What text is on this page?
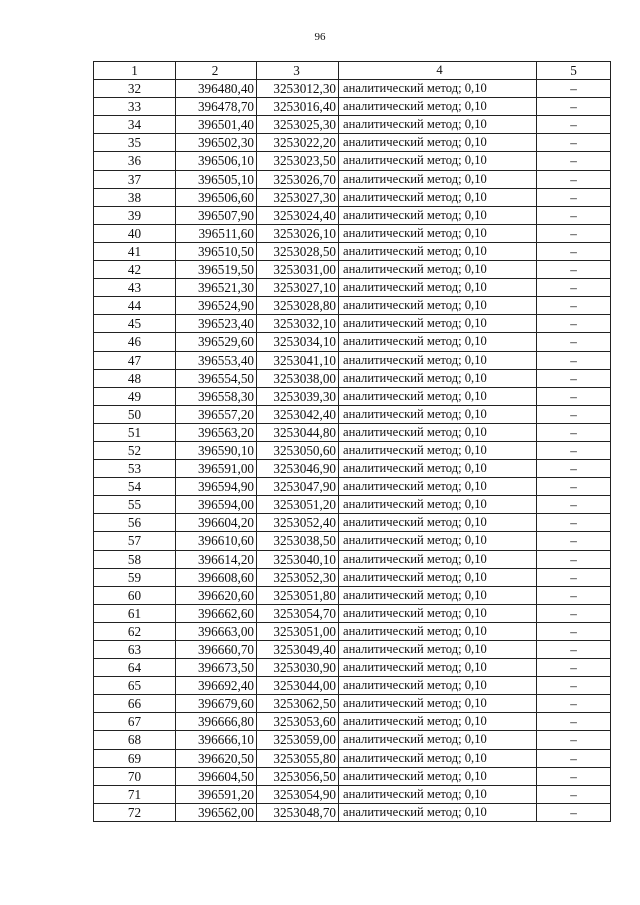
96
1	2	3	4	5
32	396480,40	3253012,30	аналитический метод; 0,10	–
33	396478,70	3253016,40	аналитический метод; 0,10	–
34	396501,40	3253025,30	аналитический метод; 0,10	–
35	396502,30	3253022,20	аналитический метод; 0,10	–
36	396506,10	3253023,50	аналитический метод; 0,10	–
37	396505,10	3253026,70	аналитический метод; 0,10	–
38	396506,60	3253027,30	аналитический метод; 0,10	–
39	396507,90	3253024,40	аналитический метод; 0,10	–
40	396511,60	3253026,10	аналитический метод; 0,10	–
41	396510,50	3253028,50	аналитический метод; 0,10	–
42	396519,50	3253031,00	аналитический метод; 0,10	–
43	396521,30	3253027,10	аналитический метод; 0,10	–
44	396524,90	3253028,80	аналитический метод; 0,10	–
45	396523,40	3253032,10	аналитический метод; 0,10	–
46	396529,60	3253034,10	аналитический метод; 0,10	–
47	396553,40	3253041,10	аналитический метод; 0,10	–
48	396554,50	3253038,00	аналитический метод; 0,10	–
49	396558,30	3253039,30	аналитический метод; 0,10	–
50	396557,20	3253042,40	аналитический метод; 0,10	–
51	396563,20	3253044,80	аналитический метод; 0,10	–
52	396590,10	3253050,60	аналитический метод; 0,10	–
53	396591,00	3253046,90	аналитический метод; 0,10	–
54	396594,90	3253047,90	аналитический метод; 0,10	–
55	396594,00	3253051,20	аналитический метод; 0,10	–
56	396604,20	3253052,40	аналитический метод; 0,10	–
57	396610,60	3253038,50	аналитический метод; 0,10	–
58	396614,20	3253040,10	аналитический метод; 0,10	–
59	396608,60	3253052,30	аналитический метод; 0,10	–
60	396620,60	3253051,80	аналитический метод; 0,10	–
61	396662,60	3253054,70	аналитический метод; 0,10	–
62	396663,00	3253051,00	аналитический метод; 0,10	–
63	396660,70	3253049,40	аналитический метод; 0,10	–
64	396673,50	3253030,90	аналитический метод; 0,10	–
65	396692,40	3253044,00	аналитический метод; 0,10	–
66	396679,60	3253062,50	аналитический метод; 0,10	–
67	396666,80	3253053,60	аналитический метод; 0,10	–
68	396666,10	3253059,00	аналитический метод; 0,10	–
69	396620,50	3253055,80	аналитический метод; 0,10	–
70	396604,50	3253056,50	аналитический метод; 0,10	–
71	396591,20	3253054,90	аналитический метод; 0,10	–
72	396562,00	3253048,70	аналитический метод; 0,10	–
